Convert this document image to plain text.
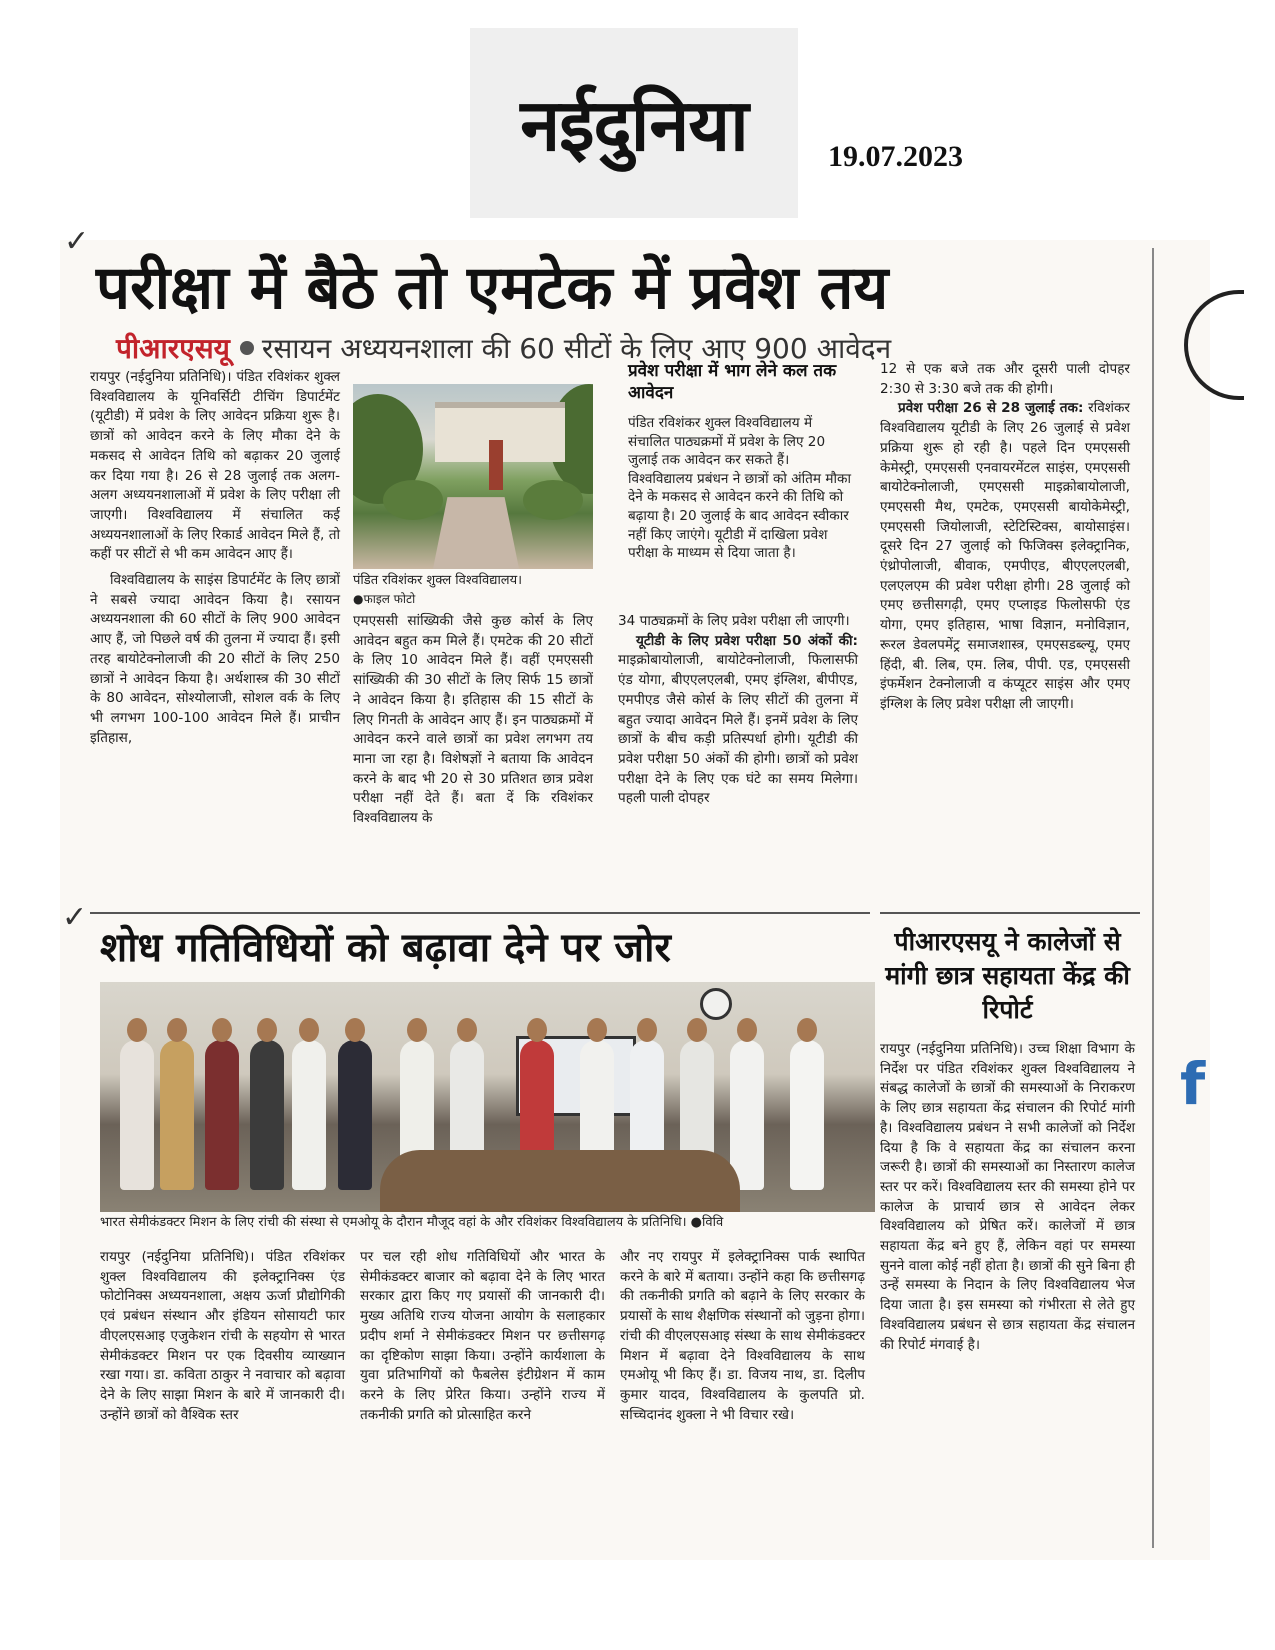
नईदुनिया	19.07.2023
f
✓
✓
परीक्षा में बैठे तो एमटेक में प्रवेश तय
पीआरएसयू रसायन अध्ययनशाला की 60 सीटों के लिए आए 900 आवेदन

रायपुर (नईदुनिया प्रतिनिधि)। पंडित रविशंकर शुक्ल विश्वविद्यालय के यूनिवर्सिटी टीचिंग डिपार्टमेंट (यूटीडी) में प्रवेश के लिए आवेदन प्रक्रिया शुरू है। छात्रों को आवेदन करने के लिए मौका देने के मकसद से आवेदन तिथि को बढ़ाकर 20 जुलाई कर दिया गया है। 26 से 28 जुलाई तक अलग-अलग अध्ययनशालाओं में प्रवेश के लिए परीक्षा ली जाएगी। विश्वविद्यालय में संचालित कई अध्ययनशालाओं के लिए रिकार्ड आवेदन मिले हैं, तो कहीं पर सीटों से भी कम आवेदन आए हैं।

विश्वविद्यालय के साइंस डिपार्टमेंट के लिए छात्रों ने सबसे ज्यादा आवेदन किया है। रसायन अध्ययनशाला की 60 सीटों के लिए 900 आवेदन आए हैं, जो पिछले वर्ष की तुलना में ज्यादा हैं। इसी तरह बायोटेक्नोलाजी की 20 सीटों के लिए 250 छात्रों ने आवेदन किया है। अर्थशास्त्र की 30 सीटों के 80 आवेदन, सोश्योलाजी, सोशल वर्क के लिए भी लगभग 100-100 आवेदन मिले हैं। प्राचीन इतिहास,

पंडित रविशंकर शुक्ल विश्वविद्यालय।
●फाइल फोटो
प्रवेश परीक्षा में भाग लेने कल तक आवेदन
पंडित रविशंकर शुक्ल विश्वविद्यालय में संचालित पाठ्यक्रमों में प्रवेश के लिए 20 जुलाई तक आवेदन कर सकते हैं। विश्वविद्यालय प्रबंधन ने छात्रों को अंतिम मौका देने के मकसद से आवेदन करने की तिथि को बढ़ाया है। 20 जुलाई के बाद आवेदन स्वीकार नहीं किए जाएंगे। यूटीडी में दाखिला प्रवेश परीक्षा के माध्यम से दिया जाता है।

एमएससी सांख्यिकी जैसे कुछ कोर्स के लिए आवेदन बहुत कम मिले हैं। एमटेक की 20 सीटों के लिए 10 आवेदन मिले हैं। वहीं एमएससी सांख्यिकी की 30 सीटों के लिए सिर्फ 15 छात्रों ने आवेदन किया है। इतिहास की 15 सीटों के लिए गिनती के आवेदन आए हैं। इन पाठ्यक्रमों में आवेदन करने वाले छात्रों का प्रवेश लगभग तय माना जा रहा है। विशेषज्ञों ने बताया कि आवेदन करने के बाद भी 20 से 30 प्रतिशत छात्र प्रवेश परीक्षा नहीं देते हैं। बता दें कि रविशंकर विश्वविद्यालय के

34 पाठ्यक्रमों के लिए प्रवेश परीक्षा ली जाएगी।

यूटीडी के लिए प्रवेश परीक्षा 50 अंकों की: माइक्रोबायोलाजी, बायोटेक्नोलाजी, फिलासफी एंड योगा, बीएएलएलबी, एमए इंग्लिश, बीपीएड, एमपीएड जैसे कोर्स के लिए सीटों की तुलना में बहुत ज्यादा आवेदन मिले हैं। इनमें प्रवेश के लिए छात्रों के बीच कड़ी प्रतिस्पर्धा होगी। यूटीडी की प्रवेश परीक्षा 50 अंकों की होगी। छात्रों को प्रवेश परीक्षा देने के लिए एक घंटे का समय मिलेगा। पहली पाली दोपहर

12 से एक बजे तक और दूसरी पाली दोपहर 2:30 से 3:30 बजे तक की होगी।

प्रवेश परीक्षा 26 से 28 जुलाई तक: रविशंकर विश्वविद्यालय यूटीडी के लिए 26 जुलाई से प्रवेश प्रक्रिया शुरू हो रही है। पहले दिन एमएससी केमेस्ट्री, एमएससी एनवायरमेंटल साइंस, एमएससी बायोटेक्नोलाजी, एमएससी माइक्रोबायोलाजी, एमएससी मैथ, एमटेक, एमएससी बायोकेमेस्ट्री, एमएससी जियोलाजी, स्टेटिस्टिक्स, बायोसाइंस। दूसरे दिन 27 जुलाई को फिजिक्स इलेक्ट्रानिक, एंथ्रोपोलाजी, बीवाक, एमपीएड, बीएएलएलबी, एलएलएम की प्रवेश परीक्षा होगी। 28 जुलाई को एमए छत्तीसगढ़ी, एमए एप्लाइड फिलोसफी एंड योगा, एमए इतिहास, भाषा विज्ञान, मनोविज्ञान, रूरल डेवलपमेंट्र समाजशास्त्र, एमएसडब्ल्यू, एमए हिंदी, बी. लिब, एम. लिब, पीपी. एड, एमएससी इंफर्मेशन टेक्नोलाजी व कंप्यूटर साइंस और एमए इंग्लिश के लिए प्रवेश परीक्षा ली जाएगी।

शोध गतिविधियों को बढ़ावा देने पर जोर
भारत सेमीकंडक्टर मिशन के लिए रांची की संस्था से एमओयू के दौरान मौजूद वहां के और रविशंकर विश्वविद्यालय के प्रतिनिधि। ●विवि

रायपुर (नईदुनिया प्रतिनिधि)। पंडित रविशंकर शुक्ल विश्वविद्यालय की इलेक्ट्रानिक्स एंड फोटोनिक्स अध्ययनशाला, अक्षय ऊर्जा प्रौद्योगिकी एवं प्रबंधन संस्थान और इंडियन सोसायटी फार वीएलएसआइ एजुकेशन रांची के सहयोग से भारत सेमीकंडक्टर मिशन पर एक दिवसीय व्याख्यान रखा गया। डा. कविता ठाकुर ने नवाचार को बढ़ावा देने के लिए साझा मिशन के बारे में जानकारी दी। उन्होंने छात्रों को वैश्विक स्तर

पर चल रही शोध गतिविधियों और भारत के सेमीकंडक्टर बाजार को बढ़ावा देने के लिए भारत सरकार द्वारा किए गए प्रयासों की जानकारी दी। मुख्य अतिथि राज्य योजना आयोग के सलाहकार प्रदीप शर्मा ने सेमीकंडक्टर मिशन पर छत्तीसगढ़ का दृष्टिकोण साझा किया। उन्होंने कार्यशाला के युवा प्रतिभागियों को फैबलेस इंटीग्रेशन में काम करने के लिए प्रेरित किया। उन्होंने राज्य में तकनीकी प्रगति को प्रोत्साहित करने

और नए रायपुर में इलेक्ट्रानिक्स पार्क स्थापित करने के बारे में बताया। उन्होंने कहा कि छत्तीसगढ़ की तकनीकी प्रगति को बढ़ाने के लिए सरकार के प्रयासों के साथ शैक्षणिक संस्थानों को जुड़ना होगा। रांची की वीएलएसआइ संस्था के साथ सेमीकंडक्टर मिशन में बढ़ावा देने विश्वविद्यालय के साथ एमओयू भी किए हैं। डा. विजय नाथ, डा. दिलीप कुमार यादव, विश्वविद्यालय के कुलपति प्रो. सच्चिदानंद शुक्ला ने भी विचार रखे।

पीआरएसयू ने कालेजों से मांगी छात्र सहायता केंद्र की रिपोर्ट

रायपुर (नईदुनिया प्रतिनिधि)। उच्च शिक्षा विभाग के निर्देश पर पंडित रविशंकर शुक्ल विश्वविद्यालय ने संबद्ध कालेजों के छात्रों की समस्याओं के निराकरण के लिए छात्र सहायता केंद्र संचालन की रिपोर्ट मांगी है। विश्वविद्यालय प्रबंधन ने सभी कालेजों को निर्देश दिया है कि वे सहायता केंद्र का संचालन करना जरूरी है। छात्रों की समस्याओं का निस्तारण कालेज स्तर पर करें। विश्वविद्यालय स्तर की समस्या होने पर कालेज के प्राचार्य छात्र से आवेदन लेकर विश्वविद्यालय को प्रेषित करें। कालेजों में छात्र सहायता केंद्र बने हुए हैं, लेकिन वहां पर समस्या सुनने वाला कोई नहीं होता है। छात्रों की सुने बिना ही उन्हें समस्या के निदान के लिए विश्वविद्यालय भेज दिया जाता है। इस समस्या को गंभीरता से लेते हुए विश्वविद्यालय प्रबंधन से छात्र सहायता केंद्र संचालन की रिपोर्ट मंगवाई है।
